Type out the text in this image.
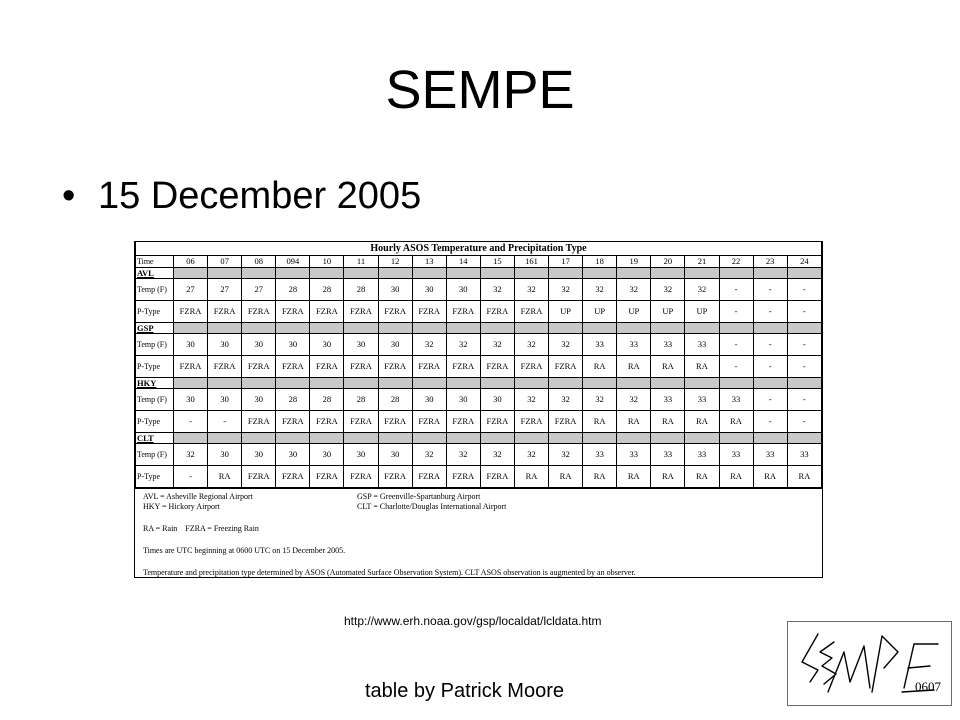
SEMPE
• 15 December 2005
Hourly ASOS Temperature and Precipitation Type																			
Time	06	07	08	094	10	11	12	13	14	15	161	17	18	19	20	21	22	23	24
AVL																			
Temp (F)	27	27	27	28	28	28	30	30	30	32	32	32	32	32	32	32	-	-	-
P-Type	FZRA	FZRA	FZRA	FZRA	FZRA	FZRA	FZRA	FZRA	FZRA	FZRA	FZRA	UP	UP	UP	UP	UP	-	-	-
GSP																			
Temp (F)	30	30	30	30	30	30	30	32	32	32	32	32	33	33	33	33	-	-	-
P-Type	FZRA	FZRA	FZRA	FZRA	FZRA	FZRA	FZRA	FZRA	FZRA	FZRA	FZRA	FZRA	RA	RA	RA	RA	-	-	-
HKY																			
Temp (F)	30	30	30	28	28	28	28	30	30	30	32	32	32	32	33	33	33	-	-
P-Type	-	-	FZRA	FZRA	FZRA	FZRA	FZRA	FZRA	FZRA	FZRA	FZRA	FZRA	RA	RA	RA	RA	RA	-	-
CLT																			
Temp (F)	32	30	30	30	30	30	30	32	32	32	32	32	33	33	33	33	33	33	33
P-Type	-	RA	FZRA	FZRA	FZRA	FZRA	FZRA	FZRA	FZRA	FZRA	RA	RA	RA	RA	RA	RA	RA	RA	RA
AVL = Asheville Regional Airport	GSP = Greenville-Spartanburg Airport
HKY = Hickory Airport	CLT = Charlotte/Douglas International Airport
RA = Rain    FZRA = Freezing Rain
Times are UTC beginning at 0600 UTC on 15 December 2005.
Temperature and precipitation type determined by ASOS (Automated Surface Observation System). CLT ASOS observation is augmented by an observer.
http://www.erh.noaa.gov/gsp/localdat/lcldata.htm
table by Patrick Moore	0607
